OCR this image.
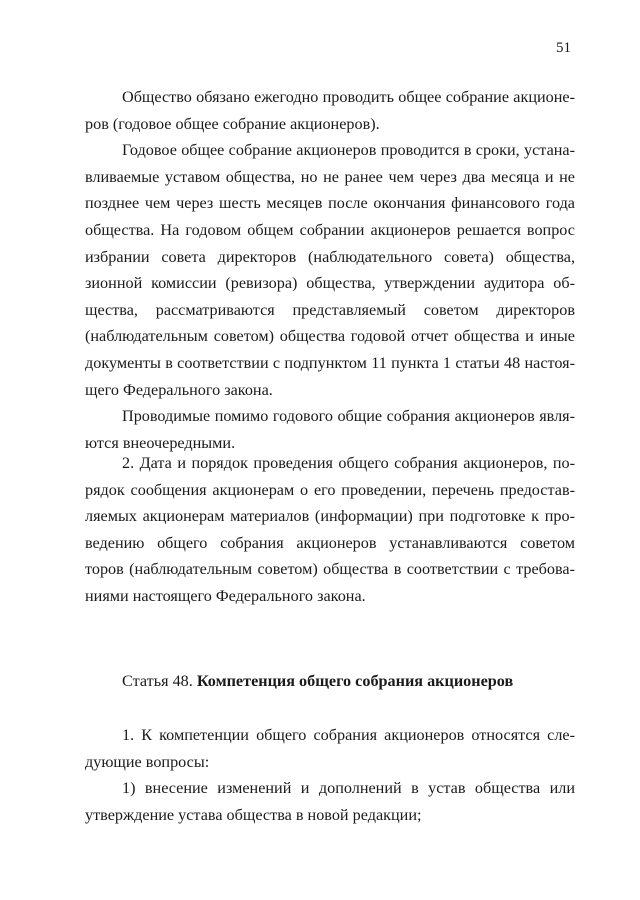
51
Общество обязано ежегодно проводить общее собрание акционе-
ров (годовое общее собрание акционеров).
Годовое общее собрание акционеров проводится в сроки, устана-
вливаемые уставом общества, но не ранее чем через два месяца и не
позднее чем через шесть месяцев после окончания финансового года
общества. На годовом общем собрании акционеров решается вопрос
избрании совета директоров (наблюдательного совета) общества,
зионной комиссии (ревизора) общества, утверждении аудитора об-
щества, рассматриваются представляемый советом директоров
(наблюдательным советом) общества годовой отчет общества и иные
документы в соответствии с подпунктом 11 пункта 1 статьи 48 настоя-
щего Федерального закона.
Проводимые помимо годового общие собрания акционеров явля-
ются внеочередными.
2. Дата и порядок проведения общего собрания акционеров, по-
рядок сообщения акционерам о его проведении, перечень предостав-
ляемых акционерам материалов (информации) при подготовке к про-
ведению общего собрания акционеров устанавливаются советом
торов (наблюдательным советом) общества в соответствии с требова-
ниями настоящего Федерального закона.
Статья 48. Компетенция общего собрания акционеров
1. К компетенции общего собрания акционеров относятся сле-
дующие вопросы:
1) внесение изменений и дополнений в устав общества или
утверждение устава общества в новой редакции;
